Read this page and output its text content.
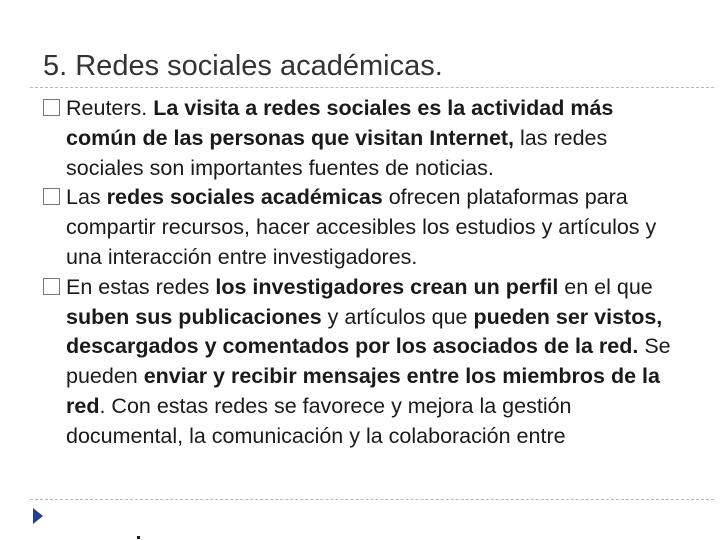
5. Redes sociales académicas.
Reuters. La visita a redes sociales es la actividad más común de las personas que visitan Internet, las redes sociales son importantes fuentes de noticias.
Las redes sociales académicas ofrecen plataformas para compartir recursos, hacer accesibles los estudios y artículos y una interacción entre investigadores.
En estas redes los investigadores crean un perfil en el que suben sus publicaciones y artículos que pueden ser vistos, descargados y comentados por los asociados de la red. Se pueden enviar y recibir mensajes entre los miembros de la red. Con estas redes se favorece y mejora la gestión documental, la comunicación y la colaboración entre
